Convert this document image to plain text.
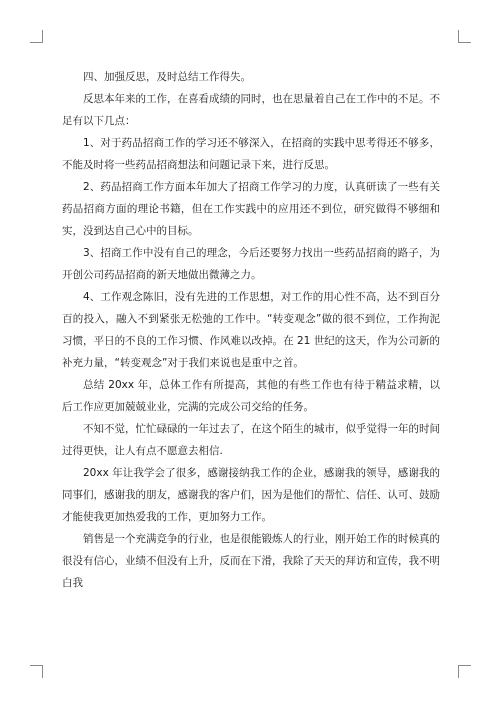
四、加强反思，及时总结工作得失。

反思本年来的工作，在喜看成绩的同时，也在思量着自己在工作中的不足。不足有以下几点：

1、对于药品招商工作的学习还不够深入，在招商的实践中思考得还不够多，不能及时将一些药品招商想法和问题记录下来，进行反思。

2、药品招商工作方面本年加大了招商工作学习的力度，认真研读了一些有关药品招商方面的理论书籍，但在工作实践中的应用还不到位，研究做得不够细和实，没到达自己心中的目标。

3、招商工作中没有自己的理念，今后还要努力找出一些药品招商的路子，为开创公司药品招商的新天地做出微薄之力。

4、工作观念陈旧，没有先进的工作思想，对工作的用心性不高，达不到百分百的投入，融入不到紧张无松弛的工作中。“转变观念”做的很不到位，工作拘泥习惯，平日的不良的工作习惯、作风难以改掉。在 21 世纪的这天，作为公司新的补充力量，“转变观念”对于我们来说也是重中之首。

总结 20xx 年，总体工作有所提高，其他的有些工作也有待于精益求精，以后工作应更加兢兢业业，完满的完成公司交给的任务。

不知不觉，忙忙碌碌的一年过去了，在这个陌生的城市，似乎觉得一年的时间过得更快，让人有点不愿意去相信.

20xx 年让我学会了很多，感谢接纳我工作的企业，感谢我的领导，感谢我的同事们，感谢我的朋友，感谢我的客户们，因为是他们的帮忙、信任、认可、鼓励才能使我更加热爱我的工作，更加努力工作。

销售是一个充满竞争的行业，也是很能锻炼人的行业，刚开始工作的时候真的很没有信心，业绩不但没有上升，反而在下滑，我除了天天的拜访和宣传，我不明白我
